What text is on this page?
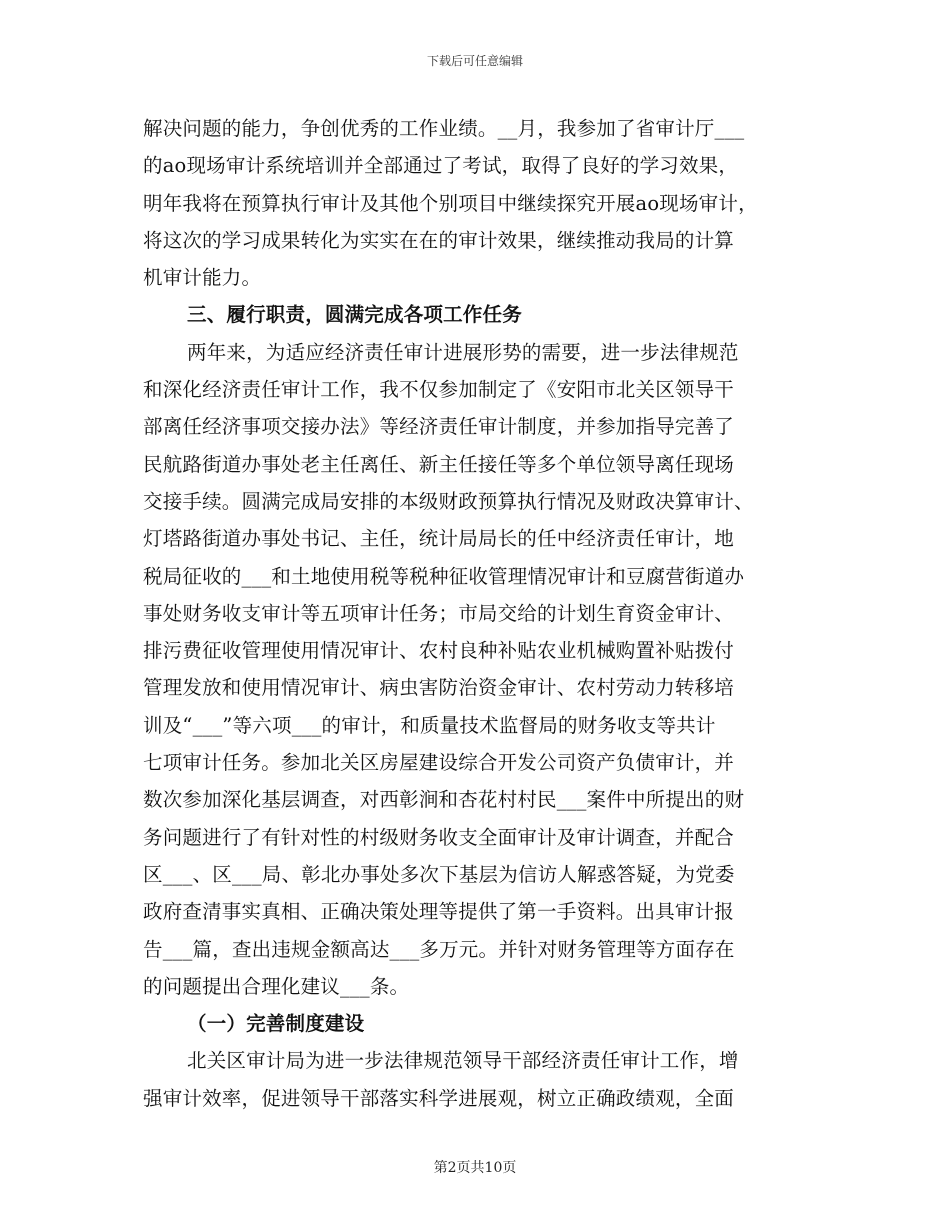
下载后可任意编辑
解决问题的能力，争创优秀的工作业绩。__月，我参加了省审计厅___
的ao现场审计系统培训并全部通过了考试，取得了良好的学习效果，
明年我将在预算执行审计及其他个别项目中继续探究开展ao现场审计，
将这次的学习成果转化为实实在在的审计效果，继续推动我局的计算
机审计能力。
三、履行职责，圆满完成各项工作任务
两年来，为适应经济责任审计进展形势的需要，进一步法律规范
和深化经济责任审计工作，我不仅参加制定了《安阳市北关区领导干
部离任经济事项交接办法》等经济责任审计制度，并参加指导完善了
民航路街道办事处老主任离任、新主任接任等多个单位领导离任现场
交接手续。圆满完成局安排的本级财政预算执行情况及财政决算审计、
灯塔路街道办事处书记、主任，统计局局长的任中经济责任审计，地
税局征收的___和土地使用税等税种征收管理情况审计和豆腐营街道办
事处财务收支审计等五项审计任务；市局交给的计划生育资金审计、
排污费征收管理使用情况审计、农村良种补贴农业机械购置补贴拨付
管理发放和使用情况审计、病虫害防治资金审计、农村劳动力转移培
训及“___”等六项___的审计，和质量技术监督局的财务收支等共计
七项审计任务。参加北关区房屋建设综合开发公司资产负债审计，并
数次参加深化基层调查，对西彰涧和杏花村村民___案件中所提出的财
务问题进行了有针对性的村级财务收支全面审计及审计调查，并配合
区___、区___局、彰北办事处多次下基层为信访人解惑答疑，为党委
政府查清事实真相、正确决策处理等提供了第一手资料。出具审计报
告___篇，查出违规金额高达___多万元。并针对财务管理等方面存在
的问题提出合理化建议___条。
（一）完善制度建设
北关区审计局为进一步法律规范领导干部经济责任审计工作，增
强审计效率，促进领导干部落实科学进展观，树立正确政绩观，全面
第2页共10页
